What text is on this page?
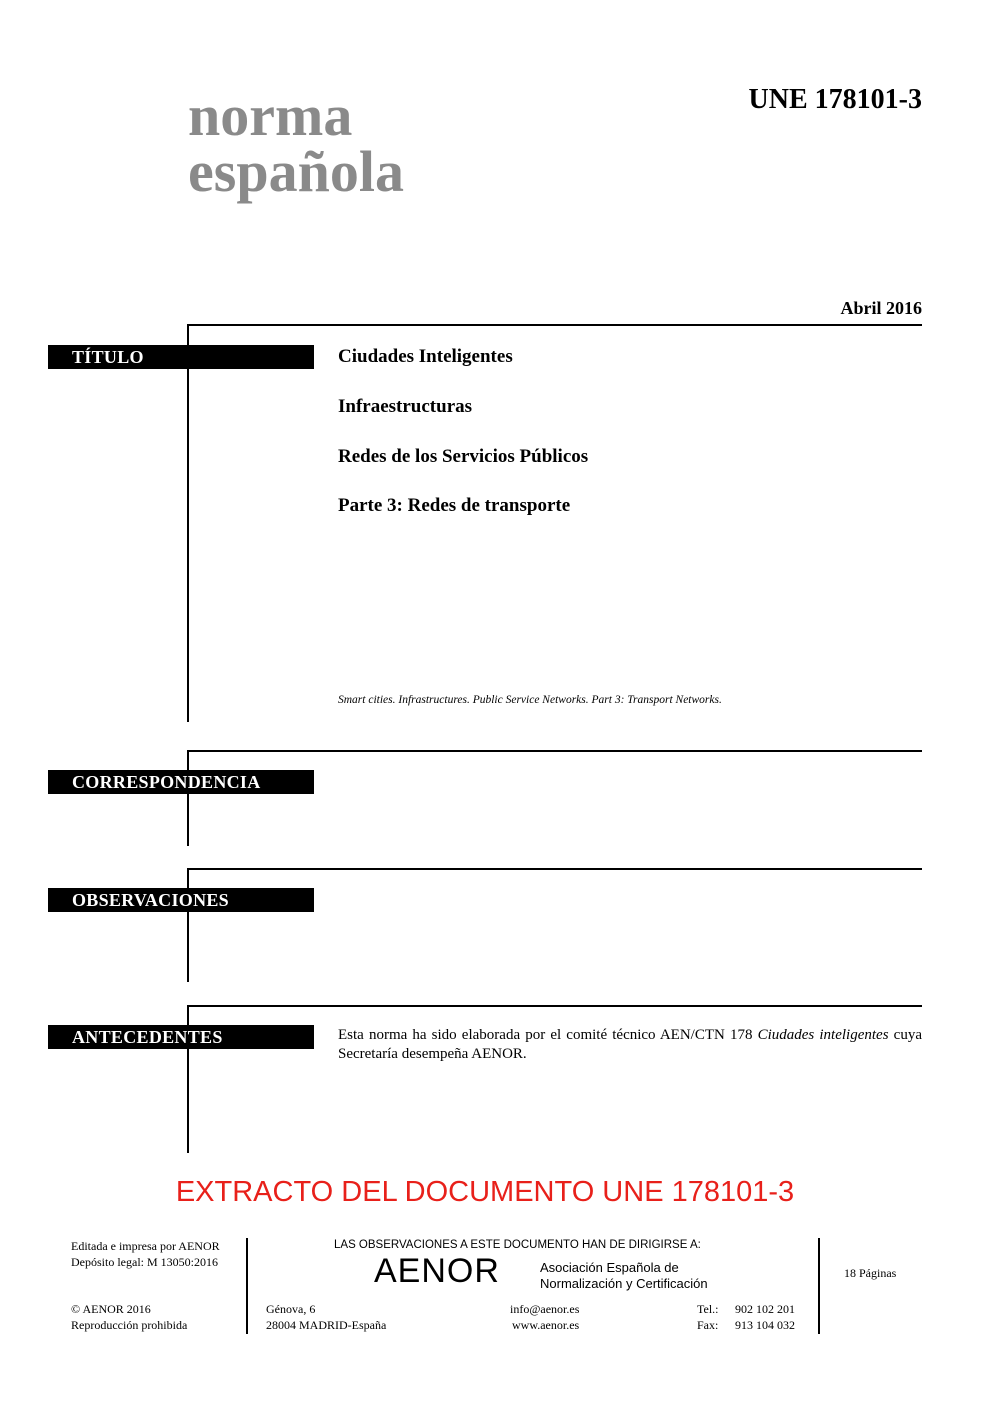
norma
española
UNE 178101-3
Abril 2016
TÍTULO	Ciudades Inteligentes
Infraestructuras
Redes de los Servicios Públicos
Parte 3: Redes de transporte
Smart cities. Infrastructures. Public Service Networks. Part 3: Transport Networks.
CORRESPONDENCIA
OBSERVACIONES
ANTECEDENTES	Esta norma ha sido elaborada por el comité técnico AEN/CTN 178 Ciudades inteligentes cuya Secretaría desempeña AENOR.
EXTRACTO DEL DOCUMENTO UNE 178101-3
Editada e impresa por AENOR
Depósito legal: M 13050:2016
© AENOR 2016
Reproducción prohibida
LAS OBSERVACIONES A ESTE DOCUMENTO HAN DE DIRIGIRSE A:
AENOR	Asociación Española de
Normalización y Certificación
Génova, 6
28004 MADRID-España
info@aenor.es
www.aenor.es
Tel.: 902 102 201
Fax: 913 104 032
18 Páginas
